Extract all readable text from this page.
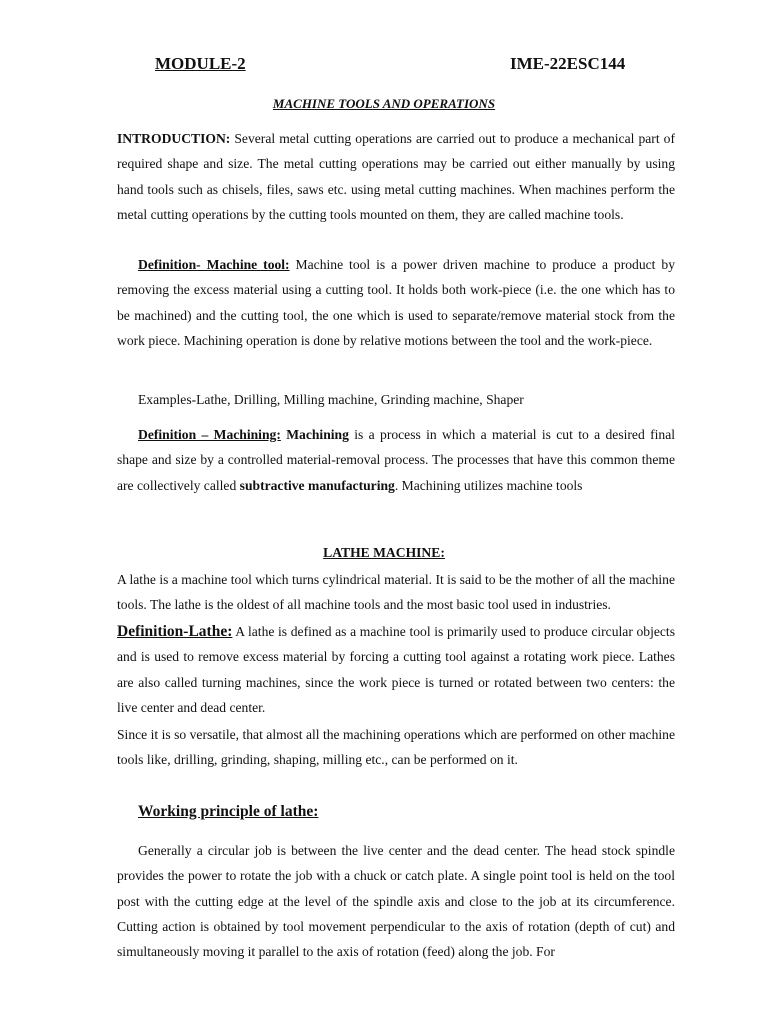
MODULE-2	IME-22ESC144
MACHINE TOOLS AND OPERATIONS

INTRODUCTION: Several metal cutting operations are carried out to produce a mechanical part of required shape and size. The metal cutting operations may be carried out either manually by using hand tools such as chisels, files, saws etc. using metal cutting machines. When machines perform the metal cutting operations by the cutting tools mounted on them, they are called machine tools.

Definition- Machine tool: Machine tool is a power driven machine to produce a product by removing the excess material using a cutting tool. It holds both work-piece (i.e. the one which has to be machined) and the cutting tool, the one which is used to separate/remove material stock from the work piece. Machining operation is done by relative motions between the tool and the work-piece.

Examples-Lathe, Drilling, Milling machine, Grinding machine, Shaper

Definition – Machining: Machining is a process in which a material is cut to a desired final shape and size by a controlled material-removal process. The processes that have this common theme are collectively called subtractive manufacturing. Machining utilizes machine tools

LATHE MACHINE:

A lathe is a machine tool which turns cylindrical material. It is said to be the mother of all the machine tools. The lathe is the oldest of all machine tools and the most basic tool used in industries.

Definition-Lathe: A lathe is defined as a machine tool is primarily used to produce circular objects and is used to remove excess material by forcing a cutting tool against a rotating work piece. Lathes are also called turning machines, since the work piece is turned or rotated between two centers: the live center and dead center.

Since it is so versatile, that almost all the machining operations which are performed on other machine tools like, drilling, grinding, shaping, milling etc., can be performed on it.

Working principle of lathe:

Generally a circular job is between the live center and the dead center. The head stock spindle provides the power to rotate the job with a chuck or catch plate. A single point tool is held on the tool post with the cutting edge at the level of the spindle axis and close to the job at its circumference. Cutting action is obtained by tool movement perpendicular to the axis of rotation (depth of cut) and simultaneously moving it parallel to the axis of rotation (feed) along the job. For
